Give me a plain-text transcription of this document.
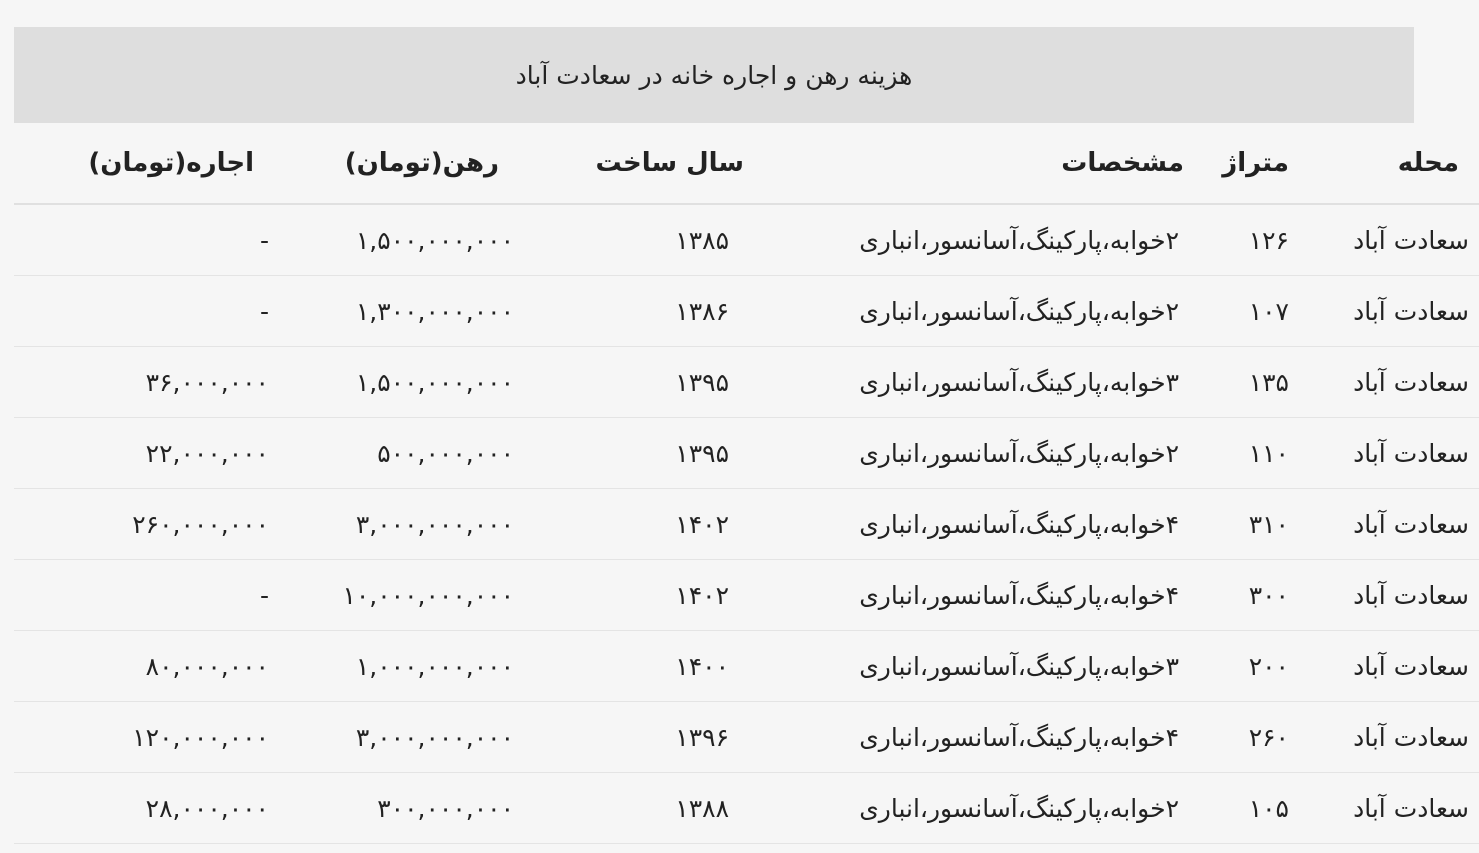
هزینه رهن و اجاره خانه در سعادت آباد
محله	متراژ	مشخصات	سال ساخت	رهن(تومان)	اجاره(تومان)
سعادت آباد	۱۲۶	۲خوابه،پارکینگ،آسانسور،انباری	۱۳۸۵	۱,۵۰۰,۰۰۰,۰۰۰	-
سعادت آباد	۱۰۷	۲خوابه،پارکینگ،آسانسور،انباری	۱۳۸۶	۱,۳۰۰,۰۰۰,۰۰۰	-
سعادت آباد	۱۳۵	۳خوابه،پارکینگ،آسانسور،انباری	۱۳۹۵	۱,۵۰۰,۰۰۰,۰۰۰	۳۶,۰۰۰,۰۰۰
سعادت آباد	۱۱۰	۲خوابه،پارکینگ،آسانسور،انباری	۱۳۹۵	۵۰۰,۰۰۰,۰۰۰	۲۲,۰۰۰,۰۰۰
سعادت آباد	۳۱۰	۴خوابه،پارکینگ،آسانسور،انباری	۱۴۰۲	۳,۰۰۰,۰۰۰,۰۰۰	۲۶۰,۰۰۰,۰۰۰
سعادت آباد	۳۰۰	۴خوابه،پارکینگ،آسانسور،انباری	۱۴۰۲	۱۰,۰۰۰,۰۰۰,۰۰۰	-
سعادت آباد	۲۰۰	۳خوابه،پارکینگ،آسانسور،انباری	۱۴۰۰	۱,۰۰۰,۰۰۰,۰۰۰	۸۰,۰۰۰,۰۰۰
سعادت آباد	۲۶۰	۴خوابه،پارکینگ،آسانسور،انباری	۱۳۹۶	۳,۰۰۰,۰۰۰,۰۰۰	۱۲۰,۰۰۰,۰۰۰
سعادت آباد	۱۰۵	۲خوابه،پارکینگ،آسانسور،انباری	۱۳۸۸	۳۰۰,۰۰۰,۰۰۰	۲۸,۰۰۰,۰۰۰
